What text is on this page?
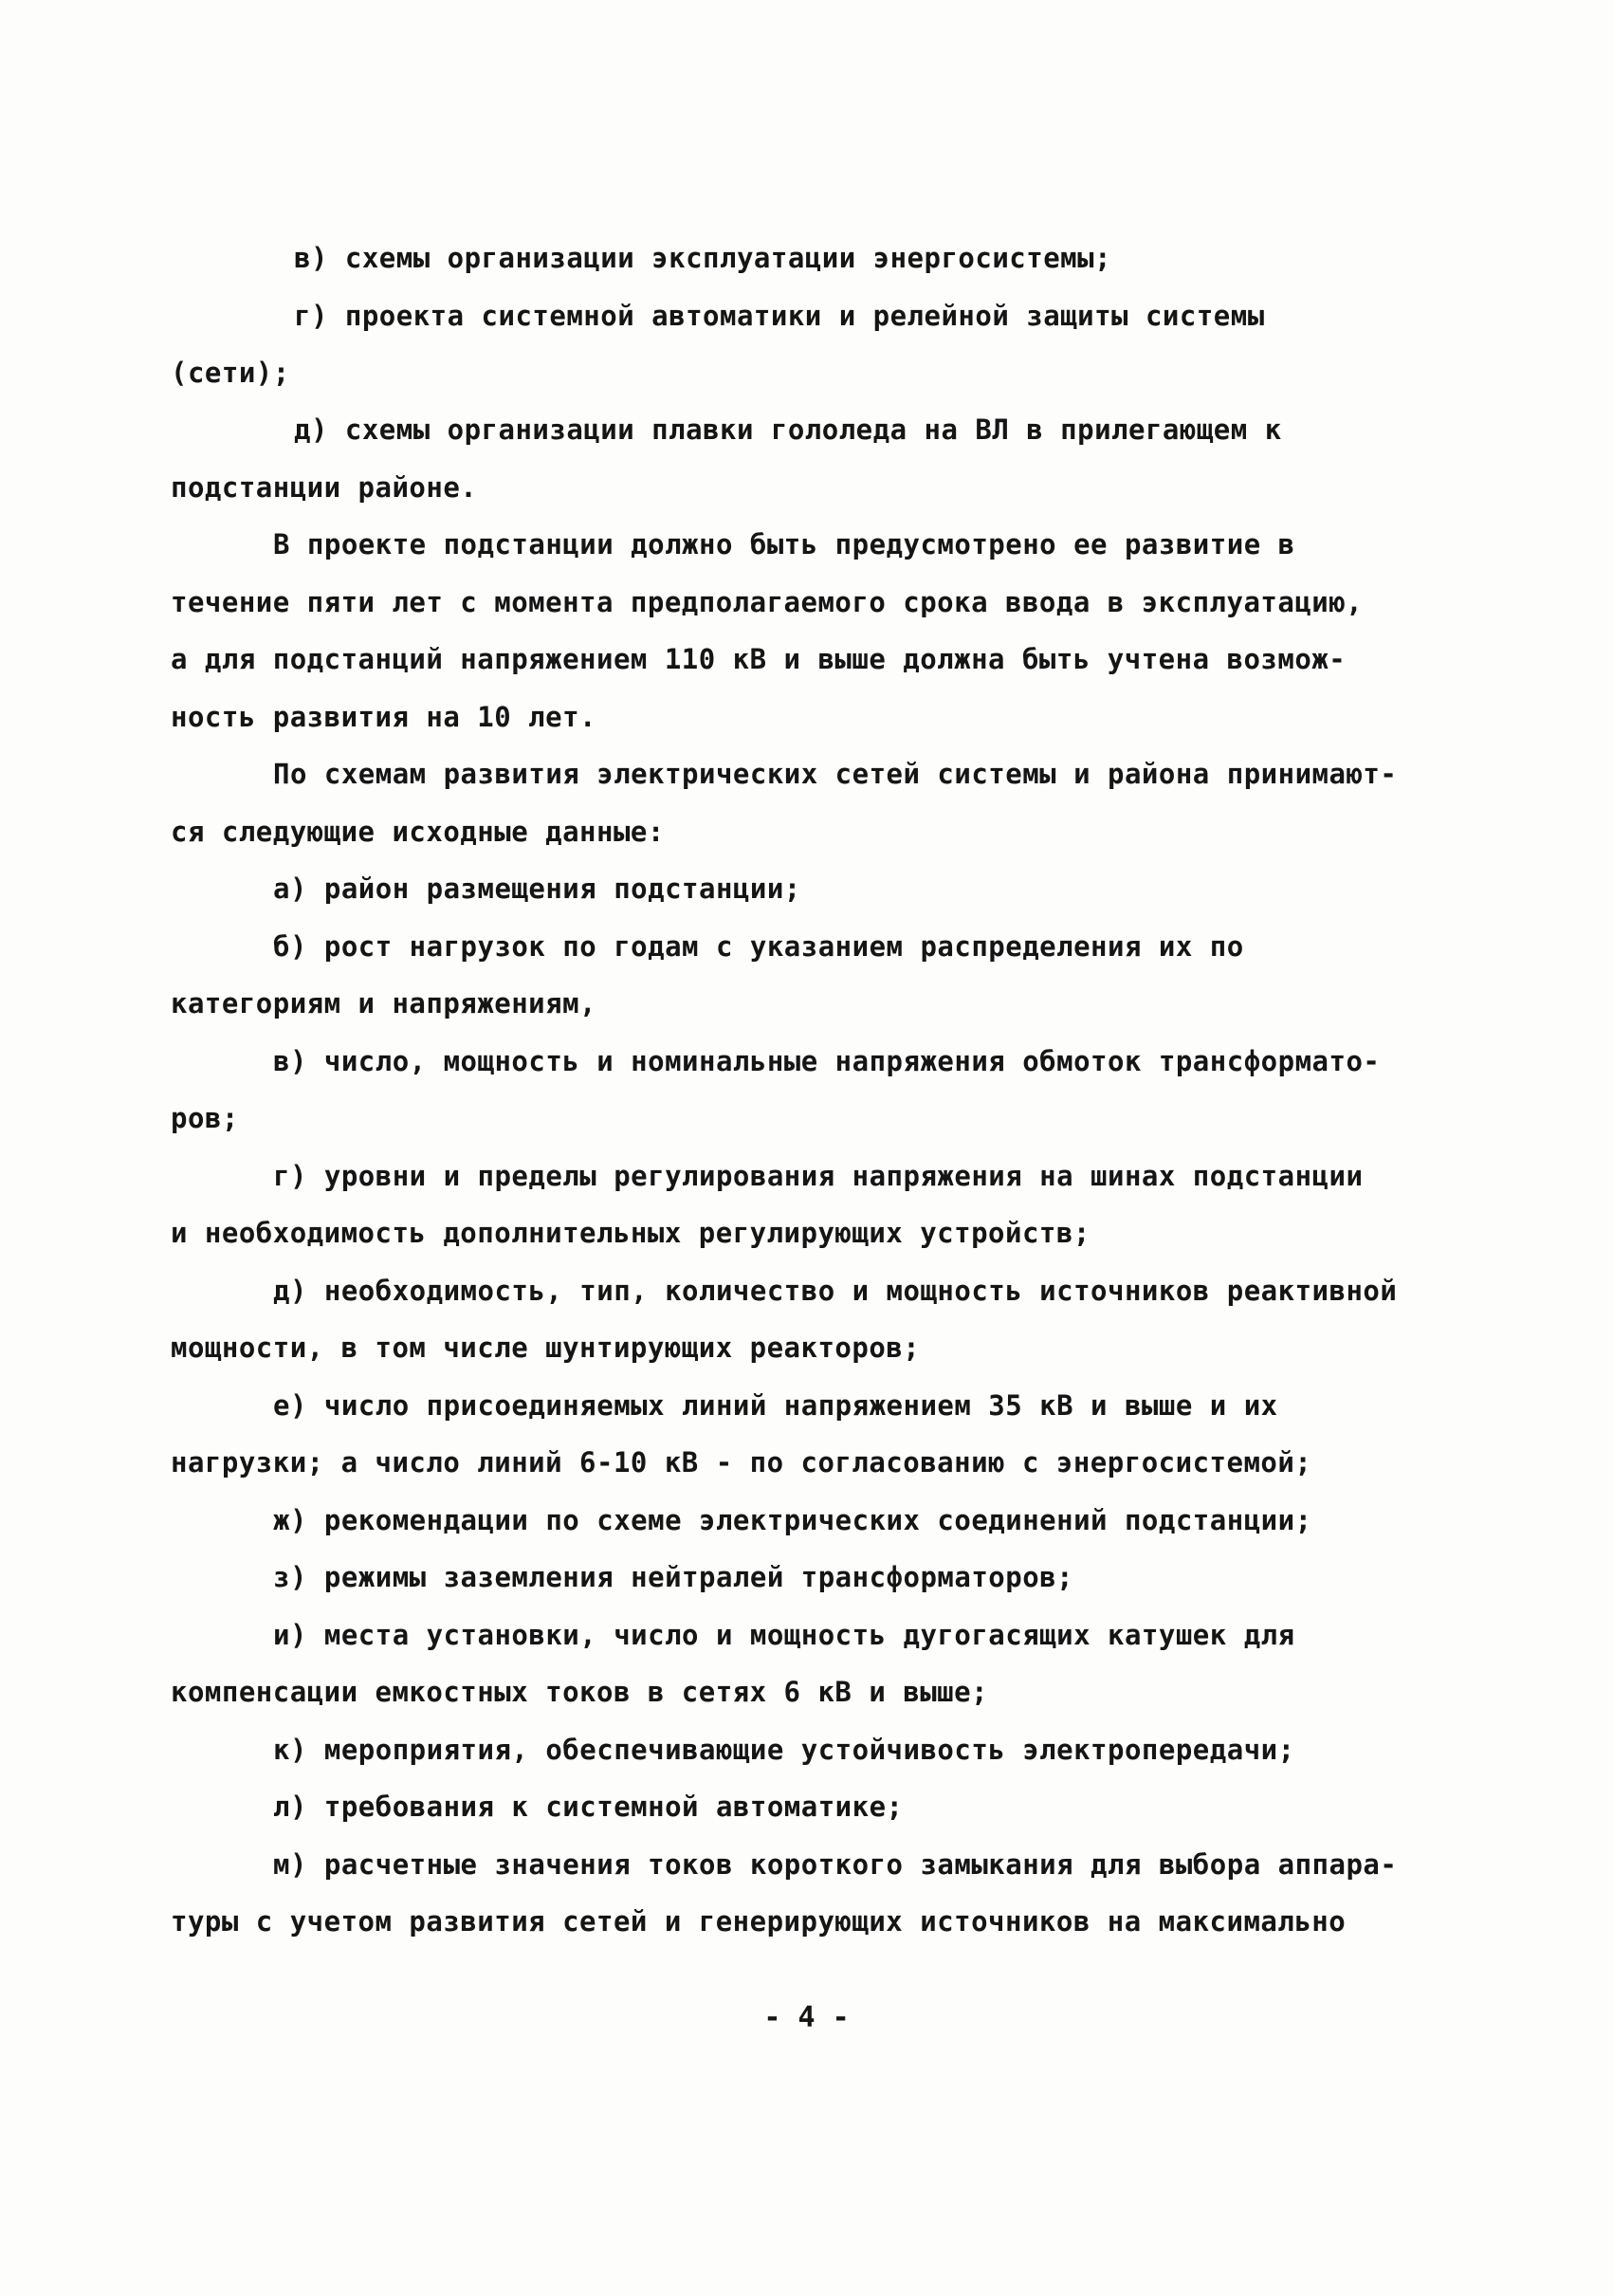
в) схемы организации эксплуатации энергосистемы;
г) проекта системной автоматики и релейной защиты системы
(сети);
д) схемы организации плавки гололеда на ВЛ в прилегающем к
подстанции районе.
В проекте подстанции должно быть предусмотрено ее развитие в
течение пяти лет с момента предполагаемого срока ввода в эксплуатацию,
а для подстанций напряжением 110 кВ и выше должна быть учтена возмож-
ность развития на 10 лет.
По схемам развития электрических сетей системы и района принимают-
ся следующие исходные данные:
а) район размещения подстанции;
б) рост нагрузок по годам с указанием распределения их по
категориям и напряжениям,
в) число, мощность и номинальные напряжения обмоток трансформато-
ров;
г) уровни и пределы регулирования напряжения на шинах подстанции
и необходимость дополнительных регулирующих устройств;
д) необходимость, тип, количество и мощность источников реактивной
мощности, в том числе шунтирующих реакторов;
е) число присоединяемых линий напряжением 35 кВ и выше и их
нагрузки; а число линий 6-10 кВ - по согласованию с энергосистемой;
ж) рекомендации по схеме электрических соединений подстанции;
з) режимы заземления нейтралей трансформаторов;
и) места установки, число и мощность дугогасящих катушек для
компенсации емкостных токов в сетях 6 кВ и выше;
к) мероприятия, обеспечивающие устойчивость электропередачи;
л) требования к системной автоматике;
м) расчетные значения токов короткого замыкания для выбора аппара-
туры с учетом развития сетей и генерирующих источников на максимально
- 4 -
